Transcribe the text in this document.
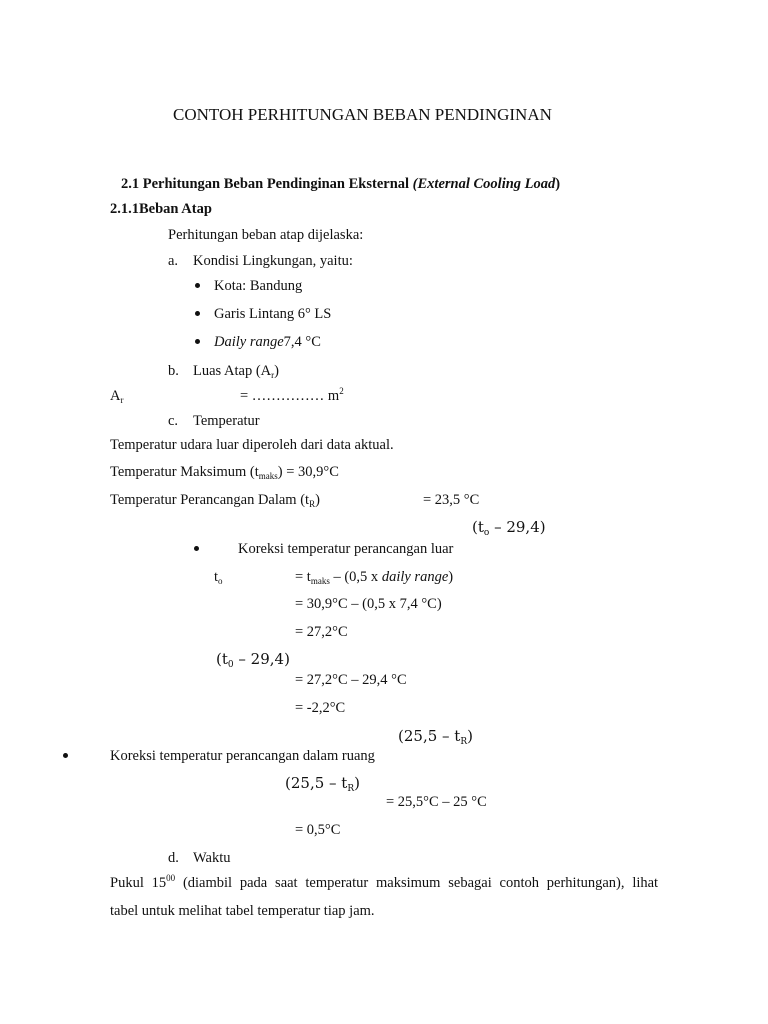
CONTOH PERHITUNGAN BEBAN PENDINGINAN
2.1 Perhitungan Beban Pendinginan Eksternal (External Cooling Load)
2.1.1Beban Atap
Perhitungan beban atap dijelaska:
a. Kondisi Lingkungan, yaitu:
Kota: Bandung
Garis Lintang 6° LS
Daily range7,4 °C
b. Luas Atap $(A_r)$
$A_r$	= …………… $m^2$
c. Temperatur
Temperatur udara luar diperoleh dari data aktual.
Temperatur Maksimum $(t_{maks}) = 30,9^\circ C$
Temperatur Perancangan Dalam $(t_R)$	= 23,5 °C
$(t_o - 29,4)$
Koreksi temperatur perancangan luar
$t_o$	= $t_{maks} - (0,5$ x daily range)
= 30,9°C – (0,5 x 7,4 °C)
= 27,2°C
$(t_0 - 29,4)$
= 27,2°C – 29,4 °C
= -2,2°C
$(25,5 - t_R)$
Koreksi temperatur perancangan dalam ruang
$(25,5 - t_R)$
= 25,5°C – 25 °C
= 0,5°C
d. Waktu
Pukul $15^{00}$ (diambil pada saat temperatur maksimum sebagai contoh perhitungan), lihat
tabel untuk melihat tabel temperatur tiap jam.
